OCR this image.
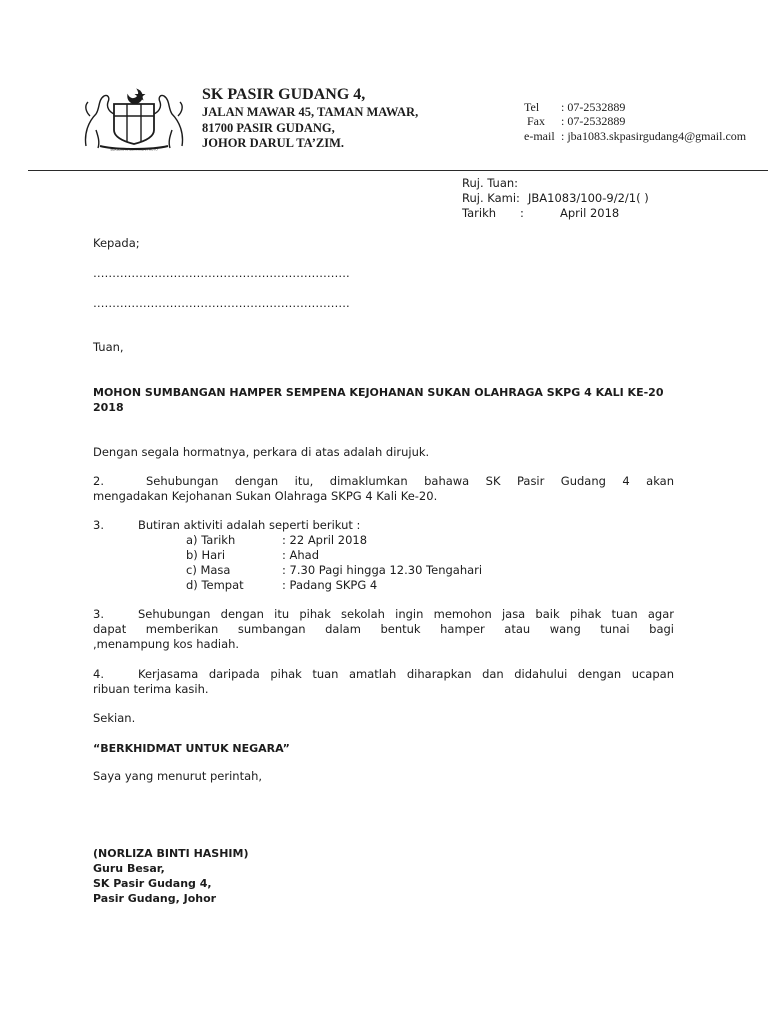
BERSEKUTU BERTAMBAH MUTU
SK PASIR GUDANG 4,
JALAN MAWAR 45, TAMAN MAWAR,
81700 PASIR GUDANG,
JOHOR DARUL TA’ZIM.
Tel : 07-2532889
Fax : 07-2532889
e-mail : jba1083.skpasirgudang4@gmail.com
Ruj. Tuan:
Ruj. Kami: JBA1083/100-9/2/1( )
Tarikh :	April 2018
Kepada;
………………………………………………………….
………………………………………………………….
Tuan,
MOHON SUMBANGAN HAMPER SEMPENA KEJOHANAN SUKAN OLAHRAGA SKPG 4 KALI KE-20
2018
Dengan segala hormatnya, perkara di atas adalah dirujuk.
2.	Sehubungan dengan itu, dimaklumkan bahawa SK Pasir Gudang 4 akan
mengadakan Kejohanan Sukan Olahraga SKPG 4 Kali Ke-20.
3.	Butiran aktiviti adalah seperti berikut :
a) Tarikh	: 22 April 2018
b) Hari	: Ahad
c) Masa	: 7.30 Pagi hingga 12.30 Tengahari
d) Tempat	: Padang SKPG 4
3.	Sehubungan dengan itu pihak sekolah ingin memohon jasa baik pihak tuan agar
dapat memberikan sumbangan dalam bentuk hamper atau wang tunai bagi
,menampung kos hadiah.
4.	Kerjasama daripada pihak tuan amatlah diharapkan dan didahului dengan ucapan
ribuan terima kasih.
Sekian.
“BERKHIDMAT UNTUK NEGARA”
Saya yang menurut perintah,
(NORLIZA BINTI HASHIM)
Guru Besar,
SK Pasir Gudang 4,
Pasir Gudang, Johor
